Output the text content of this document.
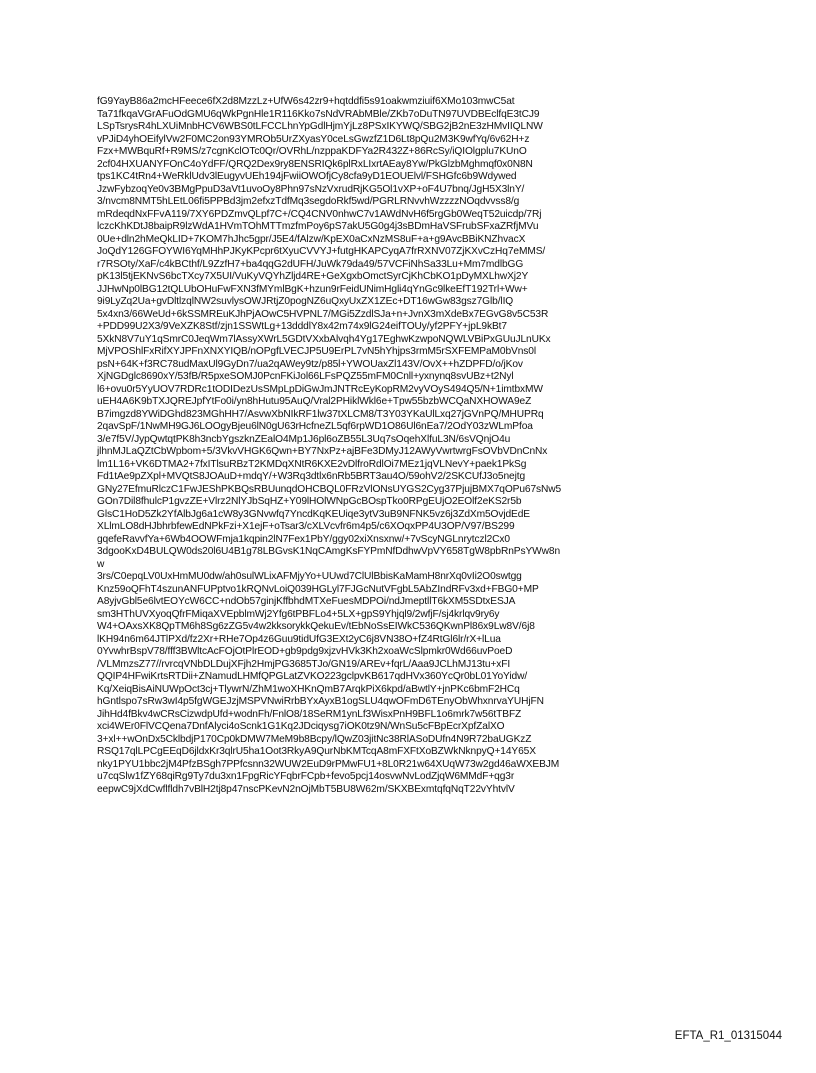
fG9YayB86a2mcHFeece6fX2d8MzzLz+UfW6s42zr9+hqtddfi5s91oakwmziuif6XMo103mwC5at
Ta71fkqaVGrAFuOdGMU6qWkPgnHle1R116Kko7sNdVRAbMBle/ZKb7oDuTN97UVDBEclfqE3tCJ9
LSpTsrysR4hLXUiMnbHCV6WBS0tLFCCLhnYpGdlHjmYjLz8PSxIKYWQ/SBG2jB2nE3zHMvIIQLNW
vPJiD4yhOEifylVw2F0MC2on93YMROb5UrZXyasY0ceLsGwzfZ1D6Lt8pQu2M3K9wfYq/6v62H+z
Fzx+MWBquRf+R9MS/z7cgnKclOTc0Qr/OVRhL/nzppaKDFYa2R432Z+86RcSy/iQIOlgplu7KUnO
2cf04HXUANYFOnC4oYdFF/QRQ2Dex9ry8ENSRIQk6plRxLIxrtAEay8Yw/PkGlzbMghmqf0x0N8N
tps1KC4tRn4+WeRklUdv3lEugyvUEh194jFwiiOWOfjCy8cfa9yD1EOUElvl/FSHGfc6b9Wdywed
JzwFybzoqYe0v3BMgPpuD3aVt1uvoOy8Phn97sNzVxrudRjKG5Ol1vXP+oF4U7bnq/JgH5X3lnY/
3/nvcm8NMT5hLEtL06fi5PPBd3jm2efxzTdfMq3segdoRkf5wd/PGRLRNvvhWzzzzNOqdvvss8/g
mRdeqdNxFFvA119/7XY6PDZmvQLpf7C+/CQ4CNV0nhwC7v1AWdNvH6f5rgGb0WeqT52uicdp/7Rj
lczcKhKDtJ8baipR9lzWdA1HVmTOhMTTmzfmPoy6pS7akU5G0g4j3sBDmHaVSFrubSFxaZRfjMVu
0Ue+dln2hMeQkLID+7KOM7hJhc5gpr/J5E4/fAlzw/KpEX0aCxNzMS8uF+a+g9AvcBBiKNZhvacX
JoQdY126GFOYWI6YqMHhPJKyKPcpr6tXyuCVVYJ+futgHKAPCyqA7frRXNV07ZjKXvCzHq7eMMS/
r7RSOty/XaF/c4kBCthf/L9ZzfH7+ba4qqG2dUFH/JuWk79da49/57VCFiNhSa33Lu+Mm7mdlbGG
pK13l5tjEKNvS6bcTXcy7X5UI/VuKyVQYhZljd4RE+GeXgxbOmctSyrCjKhCbKO1pDyMXLhwXj2Y
JJHwNp0lBG12tQLUbOHuFwFXN3fMYmlBgK+hzun9rFeidUNimHgli4qYnGc9lkeEfT192Trl+Ww+
9i9LyZq2Ua+gvDltlzqlNW2suvlysOWJRtjZ0pogNZ6uQxyUxZX1ZEc+DT16wGw83gsz7Glb/lIQ
5x4xn3/66WeUd+6kSSMREuKJhPjAOwC5HVPNL7/MGi5ZzdlSJa+n+JvnX3mXdeBx7EGvG8v5C53R
+PDD99U2X3/9VeXZK8Stf/zjn1SSWtLg+13dddlY8x42m74x9lG24eifTOUy/yf2PFY+jpL9kBt7
5XkN8V7uY1qSmrC0JeqWm7lAssyXWrL5GDtVXxbAlvqh4Yg17EghwKzwpoNQWLVBiPxGUuJLnUKx
MjVPOShlFxRifXYJPFnXNXYIQB/nOPgfLVECJP5U9ErPL7vN5hYhjps3rmM5rSXFEMPaM0bVns0l
psN+64K+f3RC78udMaxUl9GyDn7/ua2qAWey9tz/p85l+YWOUaxZl143V/OvX++hZDPFD/o/jKov
XjNGDglc8690xY/53fB/R5pxeSOMJ0PcnFKiJol66LFsPQZ55mFM0Cnll+yxnynq8svUBz+t2Nyl
l6+ovu0r5YyUOV7RDRc1tODIDezUsSMpLpDiGwJmJNTRcEyKopRM2vyVOyS494Q5/N+1imtbxMW
uEH4A6K9bTXJQREJpfYtFo0i/yn8hHutu95AuQ/Vral2PHiklWkl6e+Tpw55bzbWCQaNXHOWA9eZ
B7imgzd8YWiDGhd823MGhHH7/AsvwXbNIkRF1lw37tXLCM8/T3Y03YKaUlLxq27jGVnPQ/MHUPRq
2qavSpF/1NwMH9GJ6LOOgyBjeu6lN0gU63rHcfneZL5qf6rpWD1O86Ul6nEa7/2OdY03zWLmPfoa
3/e7f5V/JypQwtqtPK8h3ncbYgszknZEalO4Mp1J6pl6oZB55L3Uq7sOqehXlfuL3N/6sVQnjO4u
jlhnMJLaQZtCbWpbom+5/3VkvVHGK6Qwn+BY7NxPz+ajBFe3DMyJ12AWyVwrtwrgFsOVbVDnCnNx
lm1L16+VK6DTMA2+7fxITlsuRBzT2KMDqXNtR6KXE2vDlfroRdlOi7MEz1jqVLNevY+paek1PkSg
Fd1tAe9pZXpl+MVQtS8JOAuD+mdqY/+W3Rq3dtlx6nRb5BRT3au4O/59ohV2/2SKCUfJ3o5nejtg
GNy27EfmuRlczC1FwJEShPKBQsRBUunqdOHCBQL0FRzVlONsUYGS2Cyg37PjujBMX7qOPu67sNw5
GOn7Dil8fhulcP1gvzZE+Vlrz2NlYJbSqHZ+Y09lHOlWNpGcBOspTko0RPgEUjO2EOlf2eKS2r5b
GlsC1HoD5Zk2YfAlbJg6a1cW8y3GNvwfq7YncdKqKEUiqe3ytV3uB9NFNK5vz6j3ZdXm5OvjdEdE
XLlmLO8dHJbhrbfewEdNPkFzi+X1ejF+oTsar3/cXLVcvfr6m4p5/c6XOqxPP4U3OP/V97/BS299
gqefeRavvfYa+6Wb4OOWFmja1kqpin2lN7Fex1PbY/ggy02xiXnsxnw/+7vScyNGLnrytczl2Cx0
3dgooKxD4BULQW0ds20l6U4B1g78LBGvsK1NqCAmgKsFYPmNfDdhwVpVY658TgW8pbRnPsYWw8n
w
3rs/C0epqLV0UxHmMU0dw/ah0sulWLixAFMjyYo+UUwd7ClUlBbisKaMamH8nrXq0vIi2O0swtgg
Knz59oQFhT4szunANFUPptvo1kRQNvLoiQ039HGLyl7FJGcNutVFgbL5AbZIndRFv3xd+FBG0+MP
A8yjvGbl5e6lvtEOYcW6CC+ndOb57ginjKffbhdMTXeFuesMDPOi/ndJmeptllT6kXM5SDtxESJA
sm3HThUVXyoqQfrFMiqaXVEpblmWj2Yfg6tPBFLo4+5LX+gpS9Yhjql9/2wfjF/sj4krlqv9ry6y
W4+OAxsXK8QpTM6h8Sg6zZG5v4w2kksorykkQekuEv/tEbNoSsEIWkC536QKwnPl86x9Lw8V/6j8
lKH94n6m64JTlPXd/fz2Xr+RHe7Op4z6Guu9tidUfG3EXt2yC6j8VN38O+fZ4RtGl6lr/rX+lLua
0YvwhrBspV78/fff3BWltcAcFOjOtPlrEOD+gb9pdg9xjzvHVk3Kh2xoaWcSlpmkr0Wd66uvPoeD
/VLMmzsZ77//rvrcqVNbDLDujXFjh2HmjPG3685TJo/GN19/AREv+fqrL/Aaa9JCLhMJ13tu+xFI
QQIP4HFwiKrtsRTDii+ZNamudLHMfQPGLatZVKO223gclpvKB617qdHVx360YcQr0bL01YoYidw/
Kq/XeiqBisAiNUWpOct3cj+TlywrN/ZhM1woXHKnQmB7ArqkPiX6kpd/aBwtlY+jnPKc6bmF2HCq
hGntlspo7sRw3wI4p5fgWGEJzjMSPVNwiRrbBYxAyxB1ogSLU4qwOFmD6TEnyObWhxnrvaYUHjFN
JihHd4fBkv4wCRsCizwdpUfd+wodnFh/FnlO8/18SeRM1ynLf3WisxPnH9BFL1o6mrk7w56tTBFZ
xci4WEr0FlVCQena7DnfAlyci4oScnk1G1Kq2JDciqysg7iOK0tz9N/WnSu5cFBpEcrXpfZalXO
3+xl++wOnDx5CklbdjP170Cp0kDMW7MeM9b8Bcpy/lQwZ03jitNc38RlASoDUfn4N9R72baUGKzZ
RSQ17qlLPCgEEqD6jldxKr3qlrU5ha1Oot3RkyA9QurNbKMTcqA8mFXFtXoBZWkNknpyQ+14Y65X
nky1PYU1bbc2jM4PfzBSgh7PPfcsnn32WUW2EuD9rPMwFU1+8L0R21w64XUqW73w2gd46aWXEBJM
u7cqSlw1fZY68qiRg9Ty7du3xn1FpgRicYFqbrFCpb+fevo5pcj14osvwNvLodZjqW6MMdF+qg3r
eepwC9jXdCwflfldh7vBlH2tj8p47nscPKevN2nOjMbT5BU8W62m/SKXBExmtqfqNqT22vYhtvlV
EFTA_R1_01315044
